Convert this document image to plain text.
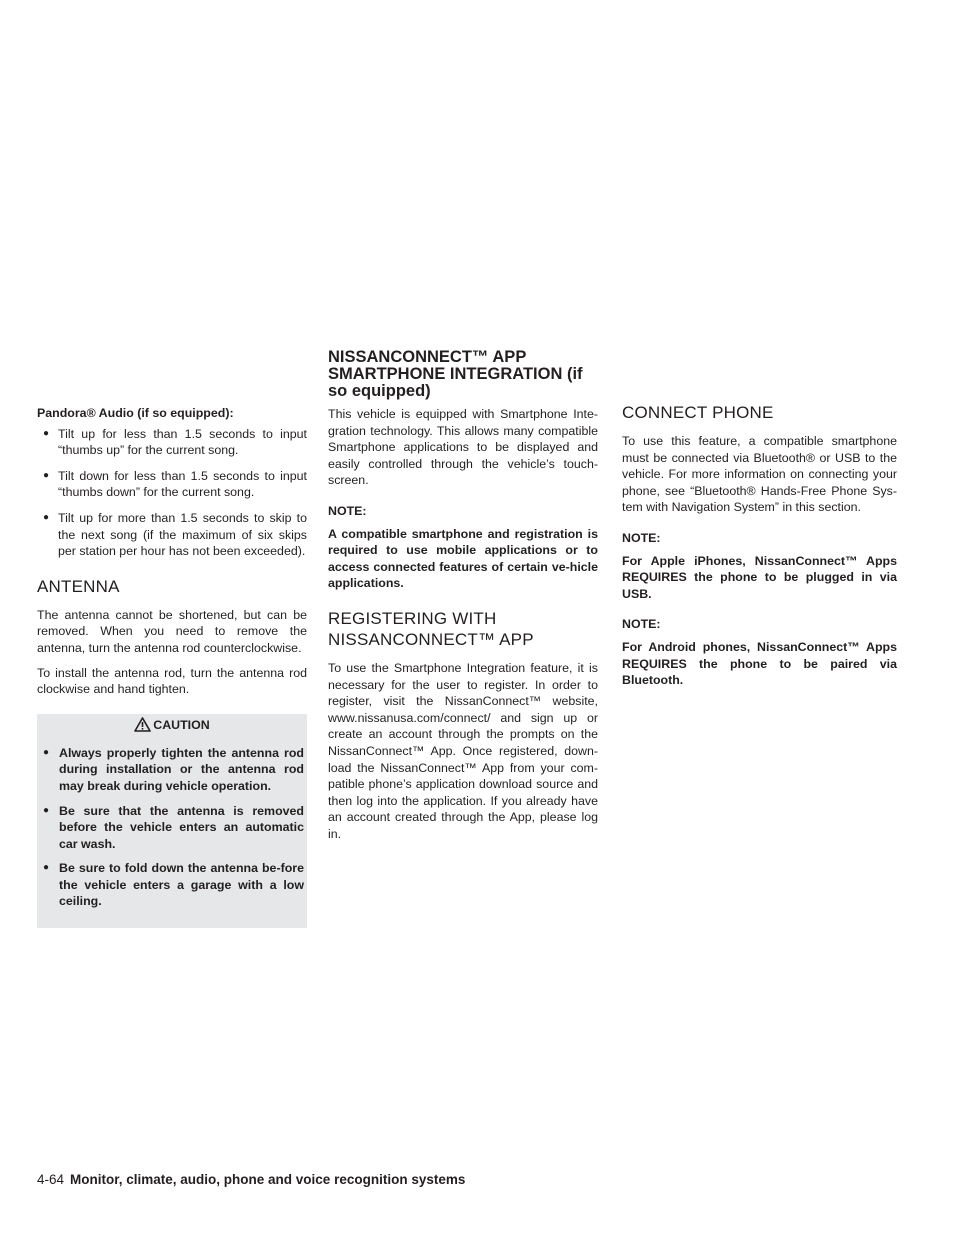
Pandora® Audio (if so equipped):

● Tilt up for less than 1.5 seconds to input “thumbs up” for the current song.
● Tilt down for less than 1.5 seconds to input “thumbs down” for the current song.
● Tilt up for more than 1.5 seconds to skip to the next song (if the maximum of six skips per station per hour has not been exceeded).
ANTENNA

The antenna cannot be shortened, but can be removed. When you need to remove the antenna, turn the antenna rod counterclockwise.

To install the antenna rod, turn the antenna rod clockwise and hand tighten.

CAUTION
● Always properly tighten the antenna rod during installation or the antenna rod may break during vehicle operation.
● Be sure that the antenna is removed before the vehicle enters an automatic car wash.
● Be sure to fold down the antenna be-fore the vehicle enters a garage with a low ceiling.
NISSANCONNECT™ APP SMARTPHONE INTEGRATION (if so equipped)

This vehicle is equipped with Smartphone Inte-gration technology. This allows many compatible Smartphone applications to be displayed and easily controlled through the vehicle’s touch-screen.

NOTE:

A compatible smartphone and registration is required to use mobile applications or to access connected features of certain ve-hicle applications.

REGISTERING WITH NISSANCONNECT™ APP

To use the Smartphone Integration feature, it is necessary for the user to register. In order to register, visit the NissanConnect™ website, www.nissanusa.com/connect/ and sign up or create an account through the prompts on the NissanConnect™ App. Once registered, down-load the NissanConnect™ App from your com-patible phone’s application download source and then log into the application. If you already have an account created through the App, please log in.

CONNECT PHONE

To use this feature, a compatible smartphone must be connected via Bluetooth® or USB to the vehicle. For more information on connecting your phone, see “Bluetooth® Hands-Free Phone Sys-tem with Navigation System” in this section.

NOTE:

For Apple iPhones, NissanConnect™ Apps REQUIRES the phone to be plugged in via USB.

NOTE:

For Android phones, NissanConnect™ Apps REQUIRES the phone to be paired via Bluetooth.

4-64 Monitor, climate, audio, phone and voice recognition systems
